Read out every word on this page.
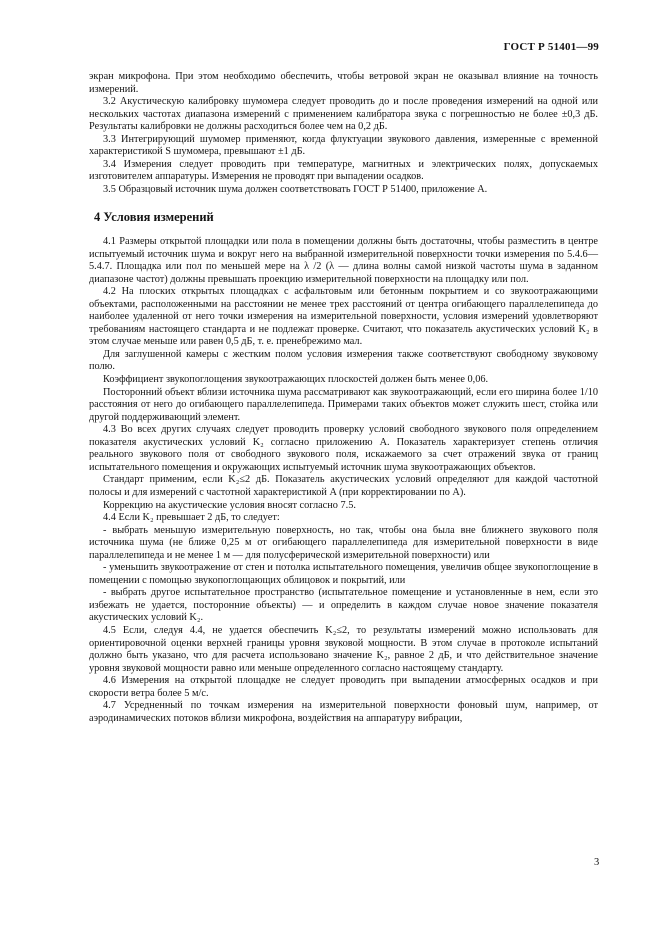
ГОСТ Р 51401—99

экран микрофона. При этом необходимо обеспечить, чтобы ветровой экран не оказывал влияние на точность измерений.

3.2 Акустическую калибровку шумомера следует проводить до и после проведения измерений на одной или нескольких частотах диапазона измерений с применением калибратора звука с погрешностью не более ±0,3 дБ. Результаты калибровки не должны расходиться более чем на 0,2 дБ.

3.3 Интегрирующий шумомер применяют, когда флуктуации звукового давления, измеренные с временной характеристикой S шумомера, превышают ±1 дБ.

3.4 Измерения следует проводить при температуре, магнитных и электрических полях, допускаемых изготовителем аппаратуры. Измерения не проводят при выпадении осадков.

3.5 Образцовый источник шума должен соответствовать ГОСТ Р 51400, приложение А.

4 Условия измерений

4.1 Размеры открытой площадки или пола в помещении должны быть достаточны, чтобы разместить в центре испытуемый источник шума и вокруг него на выбранной измерительной поверхности точки измерения по 5.4.6—5.4.7. Площадка или пол по меньшей мере на λ /2 (λ — длина волны самой низкой частоты шума в заданном диапазоне частот) должны превышать проекцию измерительной поверхности на площадку или пол.

4.2 На плоских открытых площадках с асфальтовым или бетонным покрытием и со звукоотражающими объектами, расположенными на расстоянии не менее трех расстояний от центра огибающего параллелепипеда до наиболее удаленной от него точки измерения на измерительной поверхности, условия измерений удовлетворяют требованиям настоящего стандарта и не подлежат проверке. Считают, что показатель акустических условий K₂ в этом случае меньше или равен 0,5 дБ, т. е. пренебрежимо мал.

Для заглушенной камеры с жестким полом условия измерения также соответствуют свободному звуковому полю.

Коэффициент звукопоглощения звукоотражающих плоскостей должен быть менее 0,06.

Посторонний объект вблизи источника шума рассматривают как звукоотражающий, если его ширина более 1/10 расстояния от него до огибающего параллелепипеда. Примерами таких объектов может служить шест, стойка или другой поддерживающий элемент.

4.3 Во всех других случаях следует проводить проверку условий свободного звукового поля определением показателя акустических условий K₂ согласно приложению А. Показатель характеризует степень отличия реального звукового поля от свободного звукового поля, искажаемого за счет отражений звука от границ испытательного помещения и окружающих испытуемый источник шума звукоотражающих объектов.

Стандарт применим, если K₂≤2 дБ. Показатель акустических условий определяют для каждой частотной полосы и для измерений с частотной характеристикой A (при корректировании по A).

Коррекцию на акустические условия вносят согласно 7.5.

4.4 Если K₂ превышает 2 дБ, то следует:

- выбрать меньшую измерительную поверхность, но так, чтобы она была вне ближнего звукового поля источника шума (не ближе 0,25 м от огибающего параллелепипеда для измерительной поверхности в виде параллелепипеда и не менее 1 м — для полусферической измерительной поверхности) или

- уменьшить звукоотражение от стен и потолка испытательного помещения, увеличив общее звукопоглощение в помещении с помощью звукопоглощающих облицовок и покрытий, или

- выбрать другое испытательное пространство (испытательное помещение и установленные в нем, если это избежать не удается, посторонние объекты) — и определить в каждом случае новое значение показателя акустических условий K₂.

4.5 Если, следуя 4.4, не удается обеспечить K₂≤2, то результаты измерений можно использовать для ориентировочной оценки верхней границы уровня звуковой мощности. В этом случае в протоколе испытаний должно быть указано, что для расчета использовано значение K₂, равное 2 дБ, и что действительное значение уровня звуковой мощности равно или меньше определенного согласно настоящему стандарту.

4.6 Измерения на открытой площадке не следует проводить при выпадении атмосферных осадков и при скорости ветра более 5 м/с.

4.7 Усредненный по точкам измерения на измерительной поверхности фоновый шум, например, от аэродинамических потоков вблизи микрофона, воздействия на аппаратуру вибрации,

3
